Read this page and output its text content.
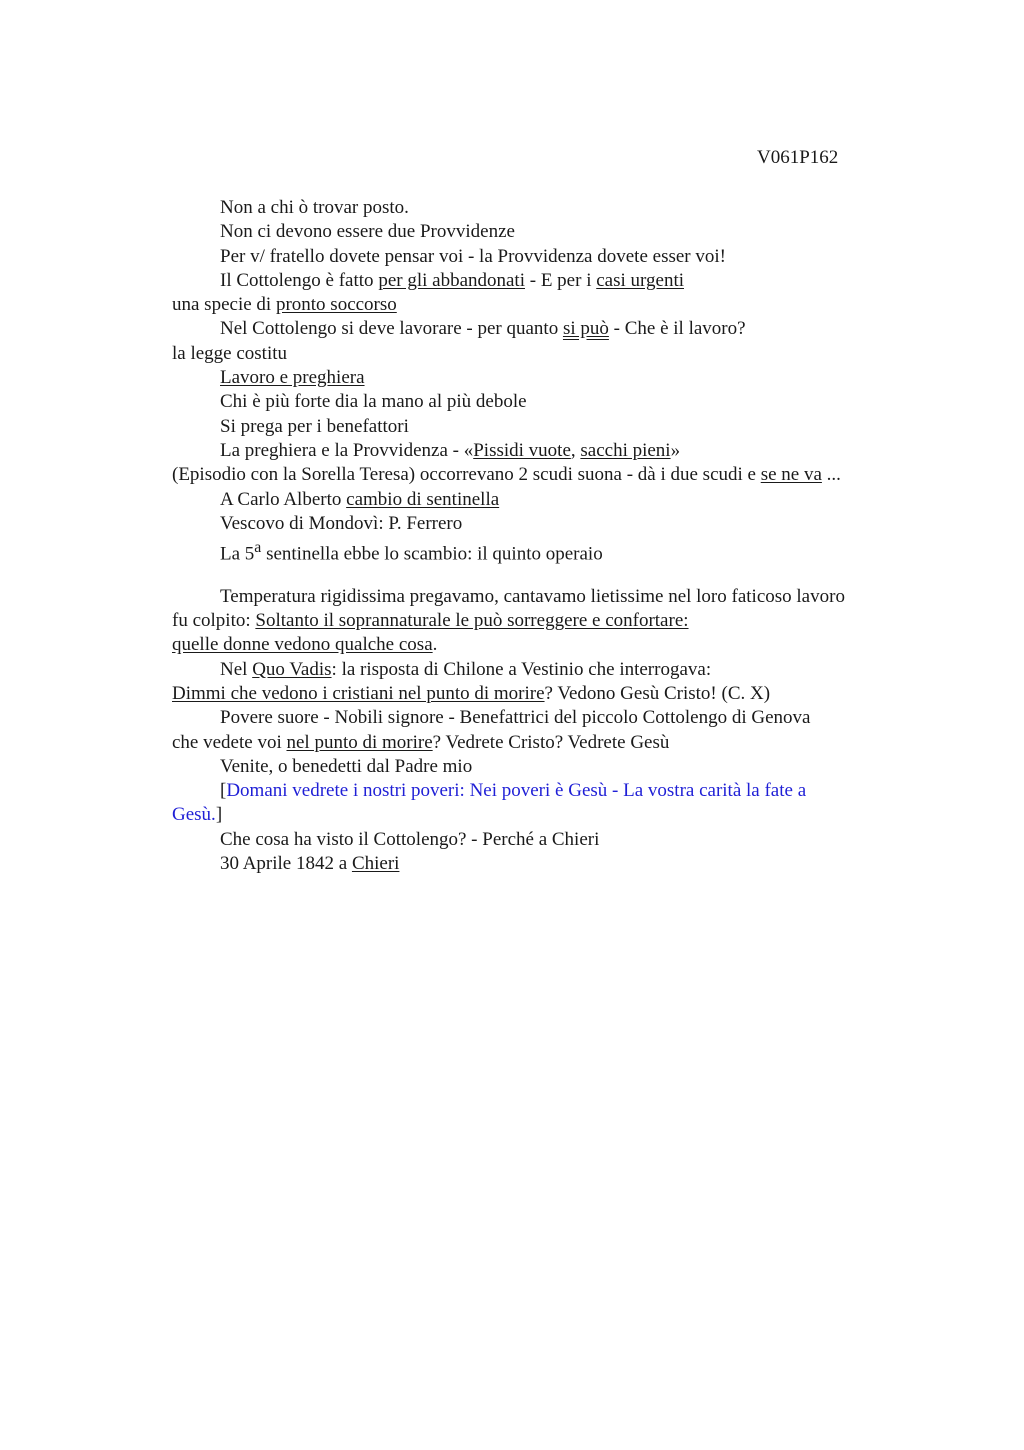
V061P162
Non a chi ò trovar posto.
Non ci devono essere due Provvidenze
Per v/ fratello dovete pensar voi - la Provvidenza dovete esser voi!
Il Cottolengo è fatto per gli abbandonati - E per i casi urgenti
una specie di pronto soccorso
Nel Cottolengo si deve lavorare - per quanto si può - Che è il lavoro?
la legge costitu
Lavoro e preghiera
Chi è più forte dia la mano al più debole
Si prega per i benefattori
La preghiera e la Provvidenza - «Pissidi vuote, sacchi pieni»
(Episodio con la Sorella Teresa) occorrevano 2 scudi suona - dà i due scudi e se ne va ...
A Carlo Alberto cambio di sentinella
Vescovo di Mondovì: P. Ferrero
La 5$^a$ sentinella ebbe lo scambio: il quinto operaio
Temperatura rigidissima pregavamo, cantavamo lietissime nel loro faticoso lavoro
fu colpito: Soltanto il soprannaturale le può sorreggere e confortare:
quelle donne vedono qualche cosa.
Nel Quo Vadis: la risposta di Chilone a Vestinio che interrogava:
Dimmi che vedono i cristiani nel punto di morire? Vedono Gesù Cristo! (C. X)
Povere suore - Nobili signore - Benefattrici del piccolo Cottolengo di Genova
che vedete voi nel punto di morire? Vedrete Cristo? Vedrete Gesù
Venite, o benedetti dal Padre mio
[Domani vedrete i nostri poveri: Nei poveri è Gesù - La vostra carità la fate a
Gesù.]
Che cosa ha visto il Cottolengo? - Perché a Chieri
30 Aprile 1842 a Chieri
